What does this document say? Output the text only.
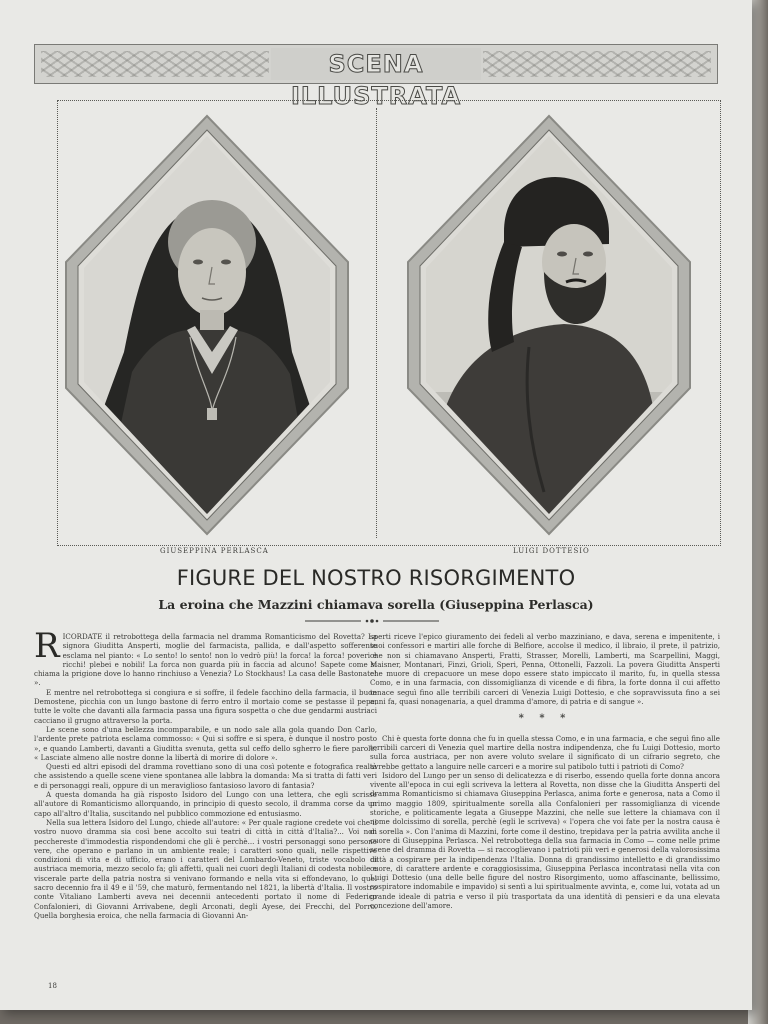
SCENA ILLUSTRATA
GIUSEPPINA PERLASCA	LUIGI DOTTESIO
FIGURE DEL NOSTRO RISORGIMENTO
La eroina che Mazzini chiamava sorella (Giuseppina Perlasca)

RICORDATE il retrobottega della farmacia nel dramma Romanticismo del Rovetta? La signora Giuditta Ansperti, moglie del farmacista, pallida, e dall'aspetto sofferente esclama nel pianto: « Lo sento! lo sento! non lo vedrò più! la forca! la forca! poveri e ricchi! plebei e nobili! La forca non guarda più in faccia ad alcuno! Sapete come si chiama la prigione dove lo hanno rinchiuso a Venezia? Lo Stockhaus! La casa delle Bastonate! ».

E mentre nel retrobottega si congiura e si soffre, il fedele facchino della farmacia, il buon Demostene, picchia con un lungo bastone di ferro entro il mortaio come se pestasse il pepe, tutte le volte che davanti alla farmacia passa una figura sospetta o che due gendarmi austriaci cacciano il grugno attraverso la porta.

Le scene sono d'una bellezza incomparabile, e un nodo sale alla gola quando Don Carlo, l'ardente prete patriota esclama commosso: « Qui si soffre e si spera, è dunque il nostro posto », e quando Lamberti, davanti a Giuditta svenuta, getta sul ceffo dello sgherro le fiere parole: « Lasciate almeno alle nostre donne la libertà di morire di dolore ».

Questi ed altri episodi del dramma rovettiano sono di una così potente e fotografica realtà che assistendo a quelle scene viene spontanea alle labbra la domanda: Ma si tratta di fatti veri e di personaggi reali, oppure di un meraviglioso fantasioso lavoro di fantasia?

A questa domanda ha già risposto Isidoro del Lungo con una lettera, che egli scrisse all'autore di Romanticismo allorquando, in principio di questo secolo, il dramma corse da un capo all'altro d'Italia, suscitando nel pubblico commozione ed entusiasmo.

Nella sua lettera Isidoro del Lungo, chiede all'autore: « Per quale ragione credete voi che il vostro nuovo dramma sia così bene accolto sui teatri di città in città d'Italia?... Voi non pecchereste d'immodestia rispondendomi che gli è perchè... i vostri personaggi sono persone vere, che operano e parlano in un ambiente reale; i caratteri sono quali, nelle rispettive condizioni di vita e di ufficio, erano i caratteri del Lombardo-Veneto, triste vocabolo di austriaca memoria, mezzo secolo fa; gli affetti, quali nei cuori degli Italiani di codesta nobile e viscerale parte della patria nostra si venivano formando e nella vita si effondevano, lo quel sacro decennio fra il 49 e il '59, che maturò, fermentando nel 1821, la libertà d'Italia. Il vostro conte Vitaliano Lamberti aveva nei decennii antecedenti portato il nome di Federico Confalonieri, di Giovanni Arrivabene, degli Arconati, degli Ayese, dei Frecchi, del Porro. Quella borghesia eroica, che nella farmacia di Giovanni An-

sperti riceve l'epico giuramento dei fedeli al verbo mazziniano, e dava, serena e impenitente, i suoi confessori e martiri alle forche di Belfiore, accolse il medico, il libraio, il prete, il patrizio, che non si chiamavano Ansperti, Fratti, Strasser, Morelli, Lamberti, ma Scarpellini, Maggi, Maisner, Montanari, Finzi, Grioli, Speri, Penna, Ottonelli, Fazzoli. La povera Giuditta Ansperti che muore di crepacuore un mese dopo essere stato impiccato il marito, fu, in quella stessa Como, e in una farmacia, con dissomiglianza di vicende e di fibra, la forte donna il cui affetto tenace seguì fino alle terribili carceri di Venezia Luigi Dottesio, e che sopravvissuta fino a sei anni fa, quasi nonagenaria, a quel dramma d'amore, di patria e di sangue ».

* * *

Chi è questa forte donna che fu in quella stessa Como, e in una farmacia, e che seguì fino alle terribili carceri di Venezia quel martire della nostra indipendenza, che fu Luigi Dottesio, morto sulla forca austriaca, per non avere voluto svelare il significato di un cifrario segreto, che avrebbe gettato a languire nelle carceri e a morire sul patibolo tutti i patrioti di Como?

Isidoro del Lungo per un senso di delicatezza e di riserbo, essendo quella forte donna ancora vivente all'epoca in cui egli scriveva la lettera al Rovetta, non disse che la Giuditta Ansperti del dramma Romanticismo si chiamava Giuseppina Perlasca, anima forte e generosa, nata a Como il primo maggio 1809, spiritualmente sorella alla Confalonieri per rassomiglianza di vicende storiche, e politicamente legata a Giuseppe Mazzini, che nelle sue lettere la chiamava con il nome dolcissimo di sorella, perchè (egli le scriveva) « l'opera che voi fate per la nostra causa è di sorella ». Con l'anima di Mazzini, forte come il destino, trepidava per la patria avvilita anche il cuore di Giuseppina Perlasca. Nel retrobottega della sua farmacia in Como — come nelle prime scene del dramma di Rovetta — si raccoglievano i patrioti più veri e generosi della valorosissima città a cospirare per la indipendenza l'Italia. Donna di grandissimo intelletto e di grandissimo cuore, di carattere ardente e coraggiosissima, Giuseppina Perlasca incontratasi nella vita con Luigi Dottesio (una delle belle figure del nostro Risorgimento, uomo affascinante, bellissimo, cospiratore indomabile e impavido) si sentì a lui spiritualmente avvinta, e, come lui, votata ad un grande ideale di patria e verso il più trasportata da una identità di pensieri e da una elevata concezione dell'amore.

18
